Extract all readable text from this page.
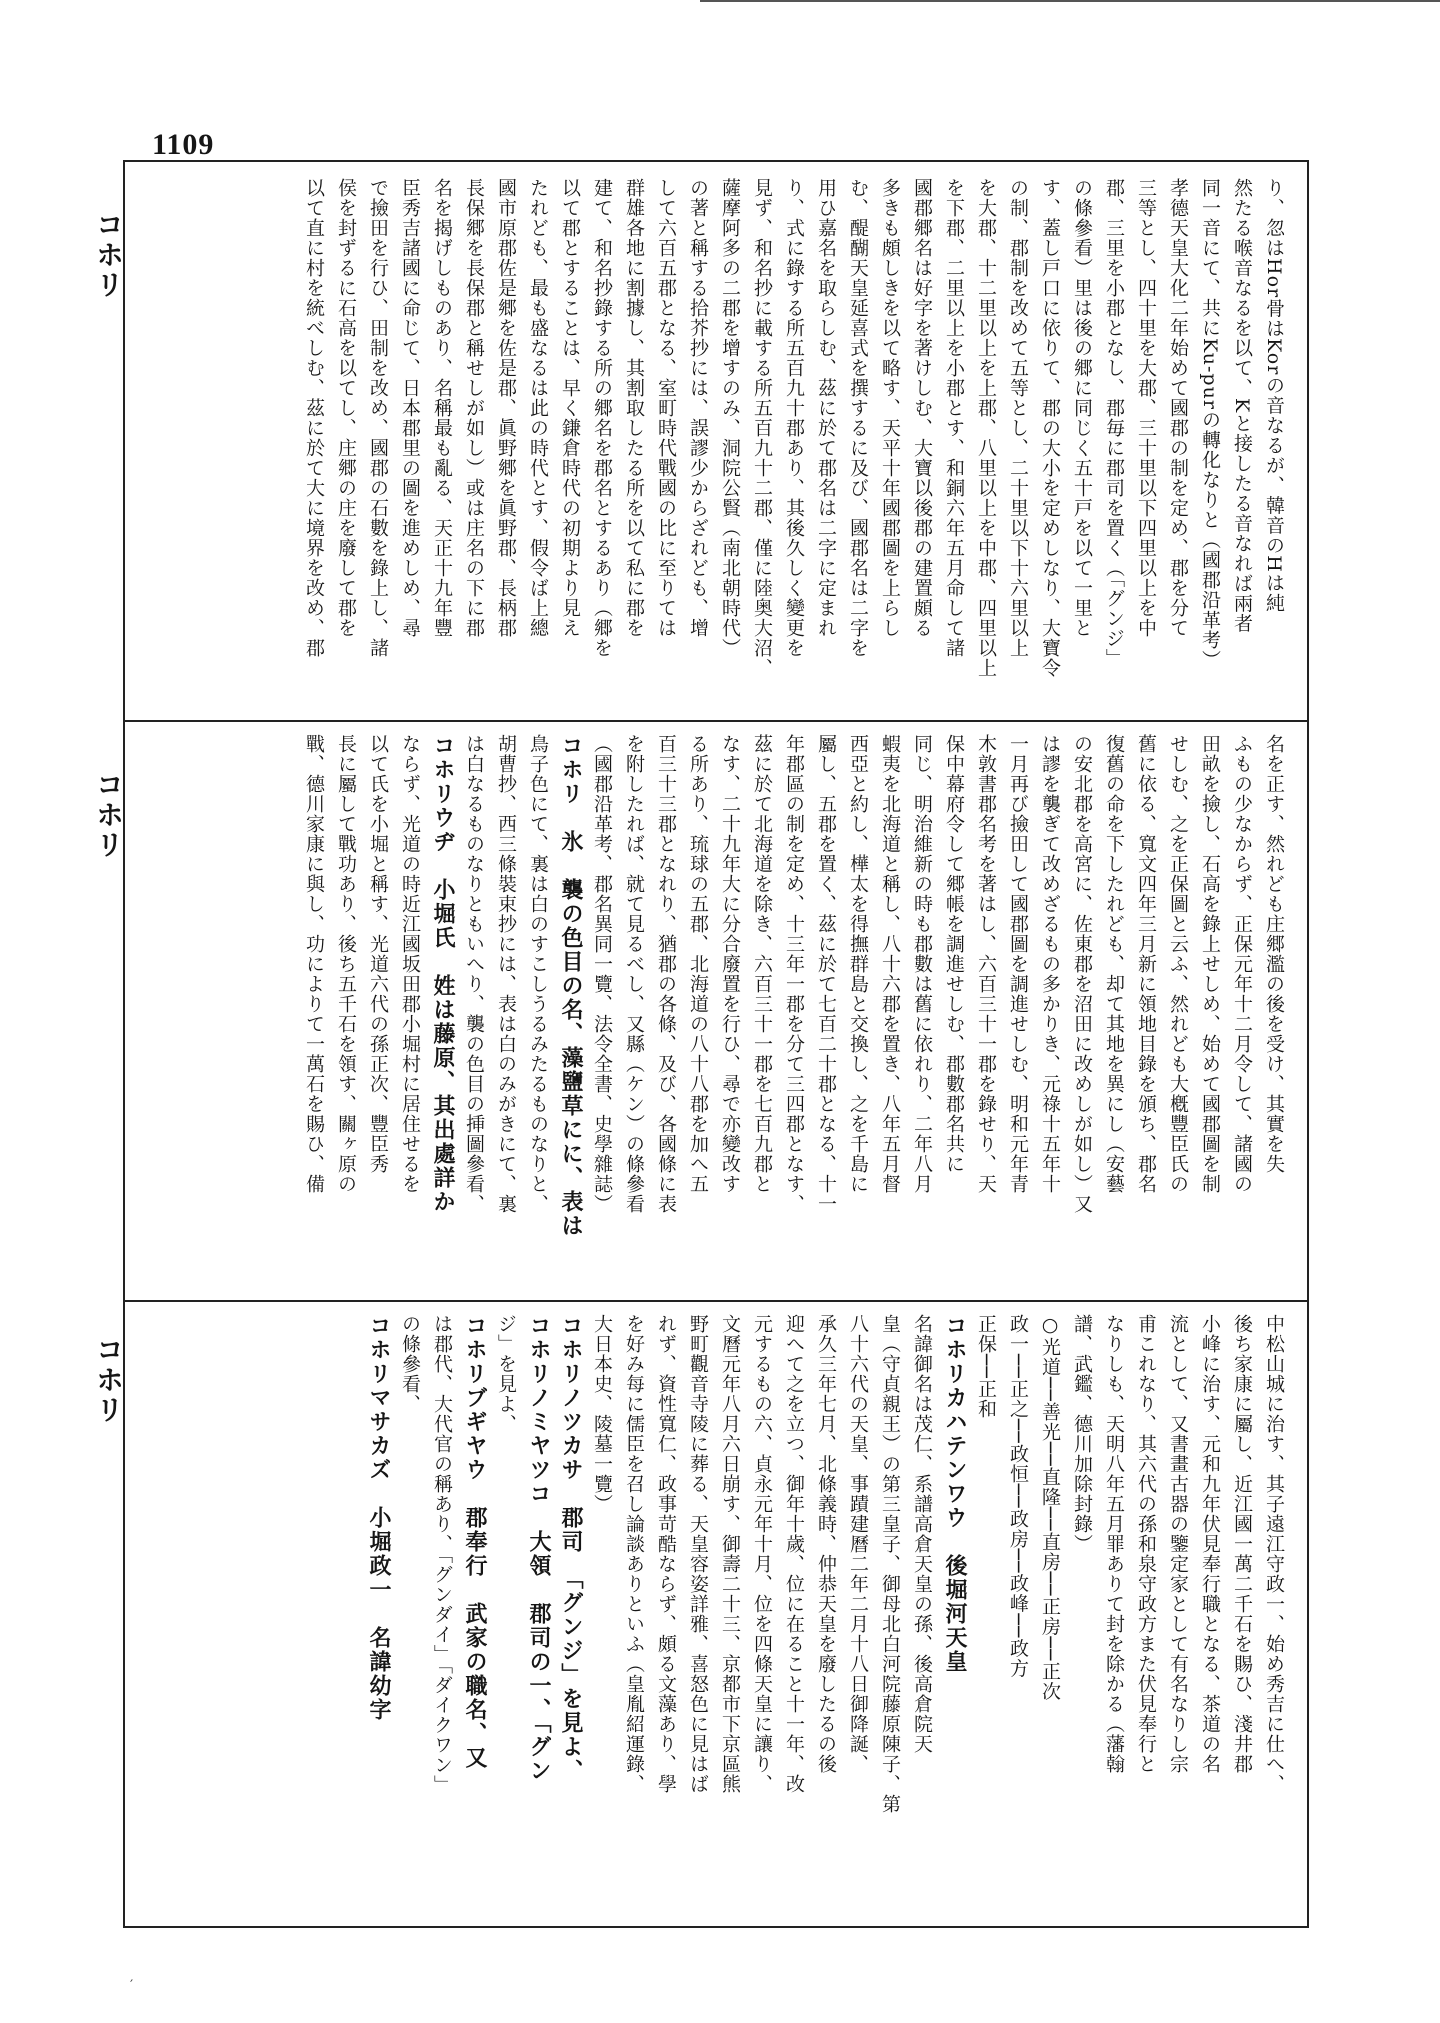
1109
コホリ
コホリ
コホリ
り、忽はHor骨はKorの音なるが、韓音のHは純
然たる喉音なるを以て、Kと接したる音なれば兩者
同一音にて、共にKu-purの轉化なりと（國郡沿革考）
孝德天皇大化二年始めて國郡の制を定め、郡を分て
三等とし、四十里を大郡、三十里以下四里以上を中
郡、三里を小郡となし、郡毎に郡司を置く（「グンジ」
の條參看）里は後の郷に同じく五十戸を以て一里と
す、蓋し戸口に依りて、郡の大小を定めしなり、大寶令
の制、郡制を改めて五等とし、二十里以下十六里以上
を大郡、十二里以上を上郡、八里以上を中郡、四里以上
を下郡、二里以上を小郡とす、和銅六年五月命して諸
國郡郷名は好字を著けしむ、大寶以後郡の建置頗る
多きも頗しきを以て略す、天平十年國郡圖を上らし
む、醍醐天皇延喜式を撰するに及び、國郡名は二字を
用ひ嘉名を取らしむ、茲に於て郡名は二字に定まれ
り、式に錄する所五百九十郡あり、其後久しく變更を
見ず、和名抄に載する所五百九十二郡、僅に陸奥大沼、
薩摩阿多の二郡を增すのみ、洞院公賢（南北朝時代）
の著と稱する拾芥抄には、誤謬少からざれども、增
して六百五郡となる、室町時代戰國の比に至りては
群雄各地に割據し、其割取したる所を以て私に郡を
建て、和名抄錄する所の郷名を郡名とするあり（郷を
以て郡とすることは、早く鎌倉時代の初期より見え
たれども、最も盛なるは此の時代とす、假令ば上總
國市原郡佐是郷を佐是郡、眞野郷を眞野郡、長柄郡
長保郷を長保郡と稱せしが如し）或は庄名の下に郡
名を揭げしものあり、名稱最も亂る、天正十九年豐
臣秀吉諸國に命じて、日本郡里の圖を進めしめ、尋
で撿田を行ひ、田制を改め、國郡の石數を錄上し、諸
侯を封ずるに石高を以てし、庄郷の庄を廢して郡を
以て直に村を統べしむ、茲に於て大に境界を改め、郡
名を正す、然れども庄郷濫の後を受け、其實を失
ふもの少なからず、正保元年十二月令して、諸國の
田畝を撿し、石高を錄上せしめ、始めて國郡圖を制
せしむ、之を正保圖と云ふ、然れども大槪豐臣氏の
舊に依る、寬文四年三月新に領地目錄を頒ち、郡名
復舊の命を下したれども、却て其地を異にし（安藝
の安北郡を高宮に、佐東郡を沼田に改めしが如し）又
は謬を襲ぎて改めざるもの多かりき、元祿十五年十
一月再び撿田して國郡圖を調進せしむ、明和元年青
木敦書郡名考を著はし、六百三十一郡を錄せり、天
保中幕府令して郷帳を調進せしむ、郡數郡名共に
同じ、明治維新の時も郡數は舊に依れり、二年八月
蝦夷を北海道と稱し、八十六郡を置き、八年五月督
西亞と約し、樺太を得撫群島と交換し、之を千島に
屬し、五郡を置く、茲に於て七百二十郡となる、十一
年郡區の制を定め、十三年一郡を分て三四郡となす、
茲に於て北海道を除き、六百三十一郡を七百九郡と
なす、二十九年大に分合廢置を行ひ、尋で亦變改す
る所あり、琉球の五郡、北海道の八十八郡を加へ五
百三十三郡となれり、猶郡の各條、及び、各國條に表
を附したれば、就て見るべし、又縣（ケン）の條參看
（國郡沿革考、郡名異同一覽、法令全書、史學雜誌）
コホリ　氷　襲の色目の名、藻鹽草にに、表は
鳥子色にて、裏は白のすこしうるみたるものなりと、
胡曹抄、西三條裝束抄には、表は白のみがきにて、裏
は白なるものなりともいへり、襲の色目の挿圖參看、
コホリウヂ　小堀氏　姓は藤原、其出處詳か
ならず、光道の時近江國坂田郡小堀村に居住せるを
以て氏を小堀と稱す、光道六代の孫正次、豐臣秀
長に屬して戰功あり、後ち五千石を領す、關ヶ原の
戰、德川家康に與し、功によりて一萬石を賜ひ、備
中松山城に治す、其子遠江守政一、始め秀吉に仕へ、
後ち家康に屬し、近江國一萬二千石を賜ひ、淺井郡
小峰に治す、元和九年伏見奉行職となる、茶道の名
流として、又書畫古器の鑒定家として有名なりし宗
甫これなり、其六代の孫和泉守政方また伏見奉行と
なりしも、天明八年五月罪ありて封を除かる（藩翰
譜、武鑑、德川加除封錄）
○光道──善光──直隆──直房──正房──正次
政一──正之──政恒──政房──政峰──政方
正保──正和
コホリカハテンワウ　後堀河天皇
名諱御名は茂仁、系譜高倉天皇の孫、後高倉院天
皇（守貞親王）の第三皇子、御母北白河院藤原陳子、第
八十六代の天皇、事蹟建曆二年二月十八日御降誕、
承久三年七月、北條義時、仲恭天皇を廢したるの後
迎へて之を立つ、御年十歲、位に在ること十一年、改
元するもの六、貞永元年十月、位を四條天皇に讓り、
文曆元年八月六日崩す、御壽二十三、京都市下京區熊
野町觀音寺陵に葬る、天皇容姿詳雅、喜怒色に見はば
れず、資性寬仁、政事苛酷ならず、頗る文藻あり、學
を好み每に儒臣を召し論談ありといふ（皇胤紹運錄、
大日本史、陵墓一覽）
コホリノツカサ　郡司　「グンジ」を見よ、
コホリノミヤツコ　大領　郡司の一、「グン
ジ」を見よ、
コホリブギヤウ　郡奉行　武家の職名、又
は郡代、大代官の稱あり、「グンダイ」「ダイクワン」
の條參看、
コホリマサカズ　小堀政一　名諱幼字
′
